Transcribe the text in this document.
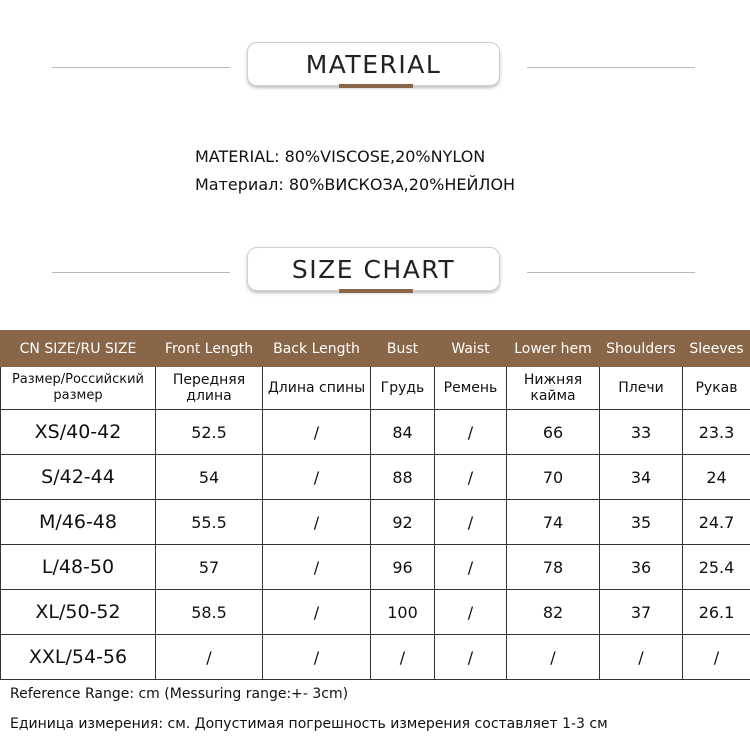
MATERIAL
MATERIAL: 80%VISCOSE,20%NYLON
Материал: 80%ВИСКОЗА,20%НЕЙЛОН
SIZE CHART
CN SIZE/RU SIZE	Front Length	Back Length	Bust	Waist	Lower hem	Shoulders	Sleeves
Размер/Российский размер	Передняя длина	Длина спины	Грудь	Ремень	Нижняя кайма	Плечи	Рукав
XS/40-42	52.5	/	84	/	66	33	23.3
S/42-44	54	/	88	/	70	34	24
M/46-48	55.5	/	92	/	74	35	24.7
L/48-50	57	/	96	/	78	36	25.4
XL/50-52	58.5	/	100	/	82	37	26.1
XXL/54-56	/	/	/	/	/	/	/
Reference Range: cm (Messuring range:+- 3cm)
Единица измерения: см. Допустимая погрешность измерения составляет 1-3 см
